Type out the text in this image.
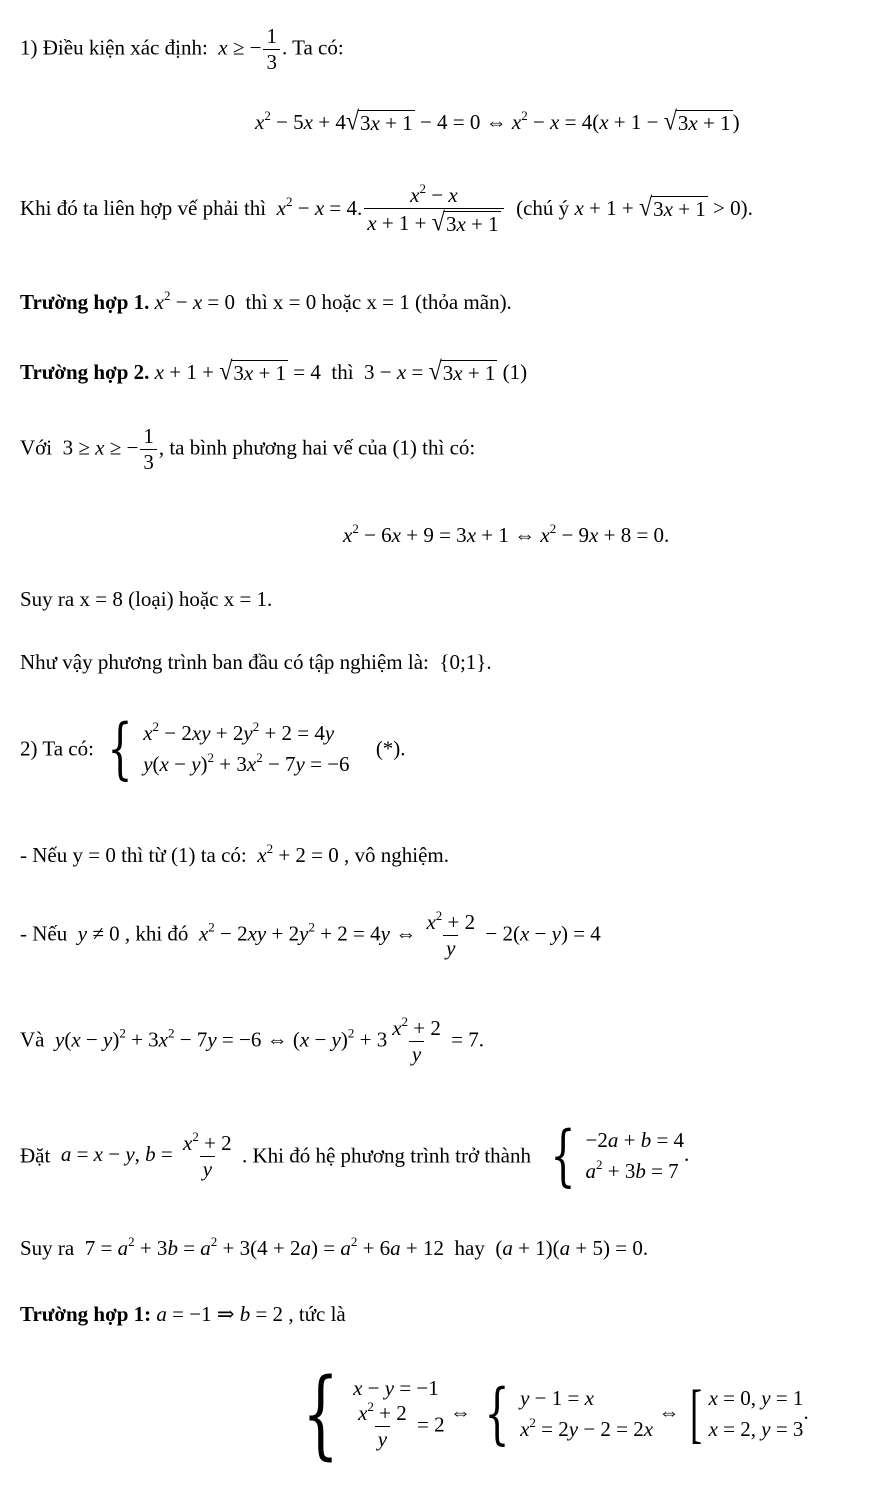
1) Điều kiện xác định:  x ≥ − $\frac{1}{3}$ . Ta có:
$x^2 - 5x + 4$ √ 3x + 1 − 4 = 0 ⇔ $x^2 - x = 4(x + 1$ − √ 3x + 1 )
Khi đó ta liên hợp vế phải thì $x^2 - x = 4$. $\frac{x^2 - x}{x + 1 + √ 3x + 1}$ (chú ý x + 1 + √ 3x + 1 > 0).
Trường hợp 1. $x^2 - x = 0$  thì x = 0 hoặc x = 1 (thỏa mãn).
Trường hợp 2. x + 1 + √ 3x + 1 = 4  thì  3 − x = √ 3x + 1 (1)
Với  3 ≥ x ≥ − $\frac{1}{3}$ , ta bình phương hai vế của (1) thì có:
$x^2 - 6x + 9 = 3x + 1$ ⇔ $x^2 - 9x + 8 = 0$.
Suy ra x = 8 (loại) hoặc x = 1.
Như vậy phương trình ban đầu có tập nghiệm là: {0;1}.
2) Ta có: { $x^2 - 2xy + 2y^2 + 2 = 4y$
$y(x - y)^2 + 3x^2 - 7y = -6$
(*).
- Nếu y = 0 thì từ (1) ta có: $x^2 + 2 = 0$ , vô nghiệm.
- Nếu y ≠ 0 , khi đó $x^2 - 2xy + 2y^2 + 2 = 4y$ ⇔ $\frac{x^2 + 2}{y} - 2(x - y) = 4$
Và $y(x - y)^2 + 3x^2 - 7y = -6$ ⇔ $(x - y)^2 + 3 \frac{x^2 + 2}{y} = 7$.
Đặt a = x − y, $b = \frac{x^2 + 2}{y}$ . Khi đó hệ phương trình trở thành { −2a + b = 4
$a^2 + 3b = 7$
.
Suy ra  $7 = a^2 + 3b = a^2 + 3(4 + 2a) = a^2 + 6a + 12$  hay  (a + 1)(a + 5) = 0.
Trường hợp 1: a = −1 ⇒ b = 2 , tức là
{ x − y = −1
$\frac{x^2 + 2}{y} = 2$
⇔ { y − 1 = x
$x^2 = 2y - 2 = 2x$
⇔ [ x = 0, y = 1
x = 2, y = 3
.
